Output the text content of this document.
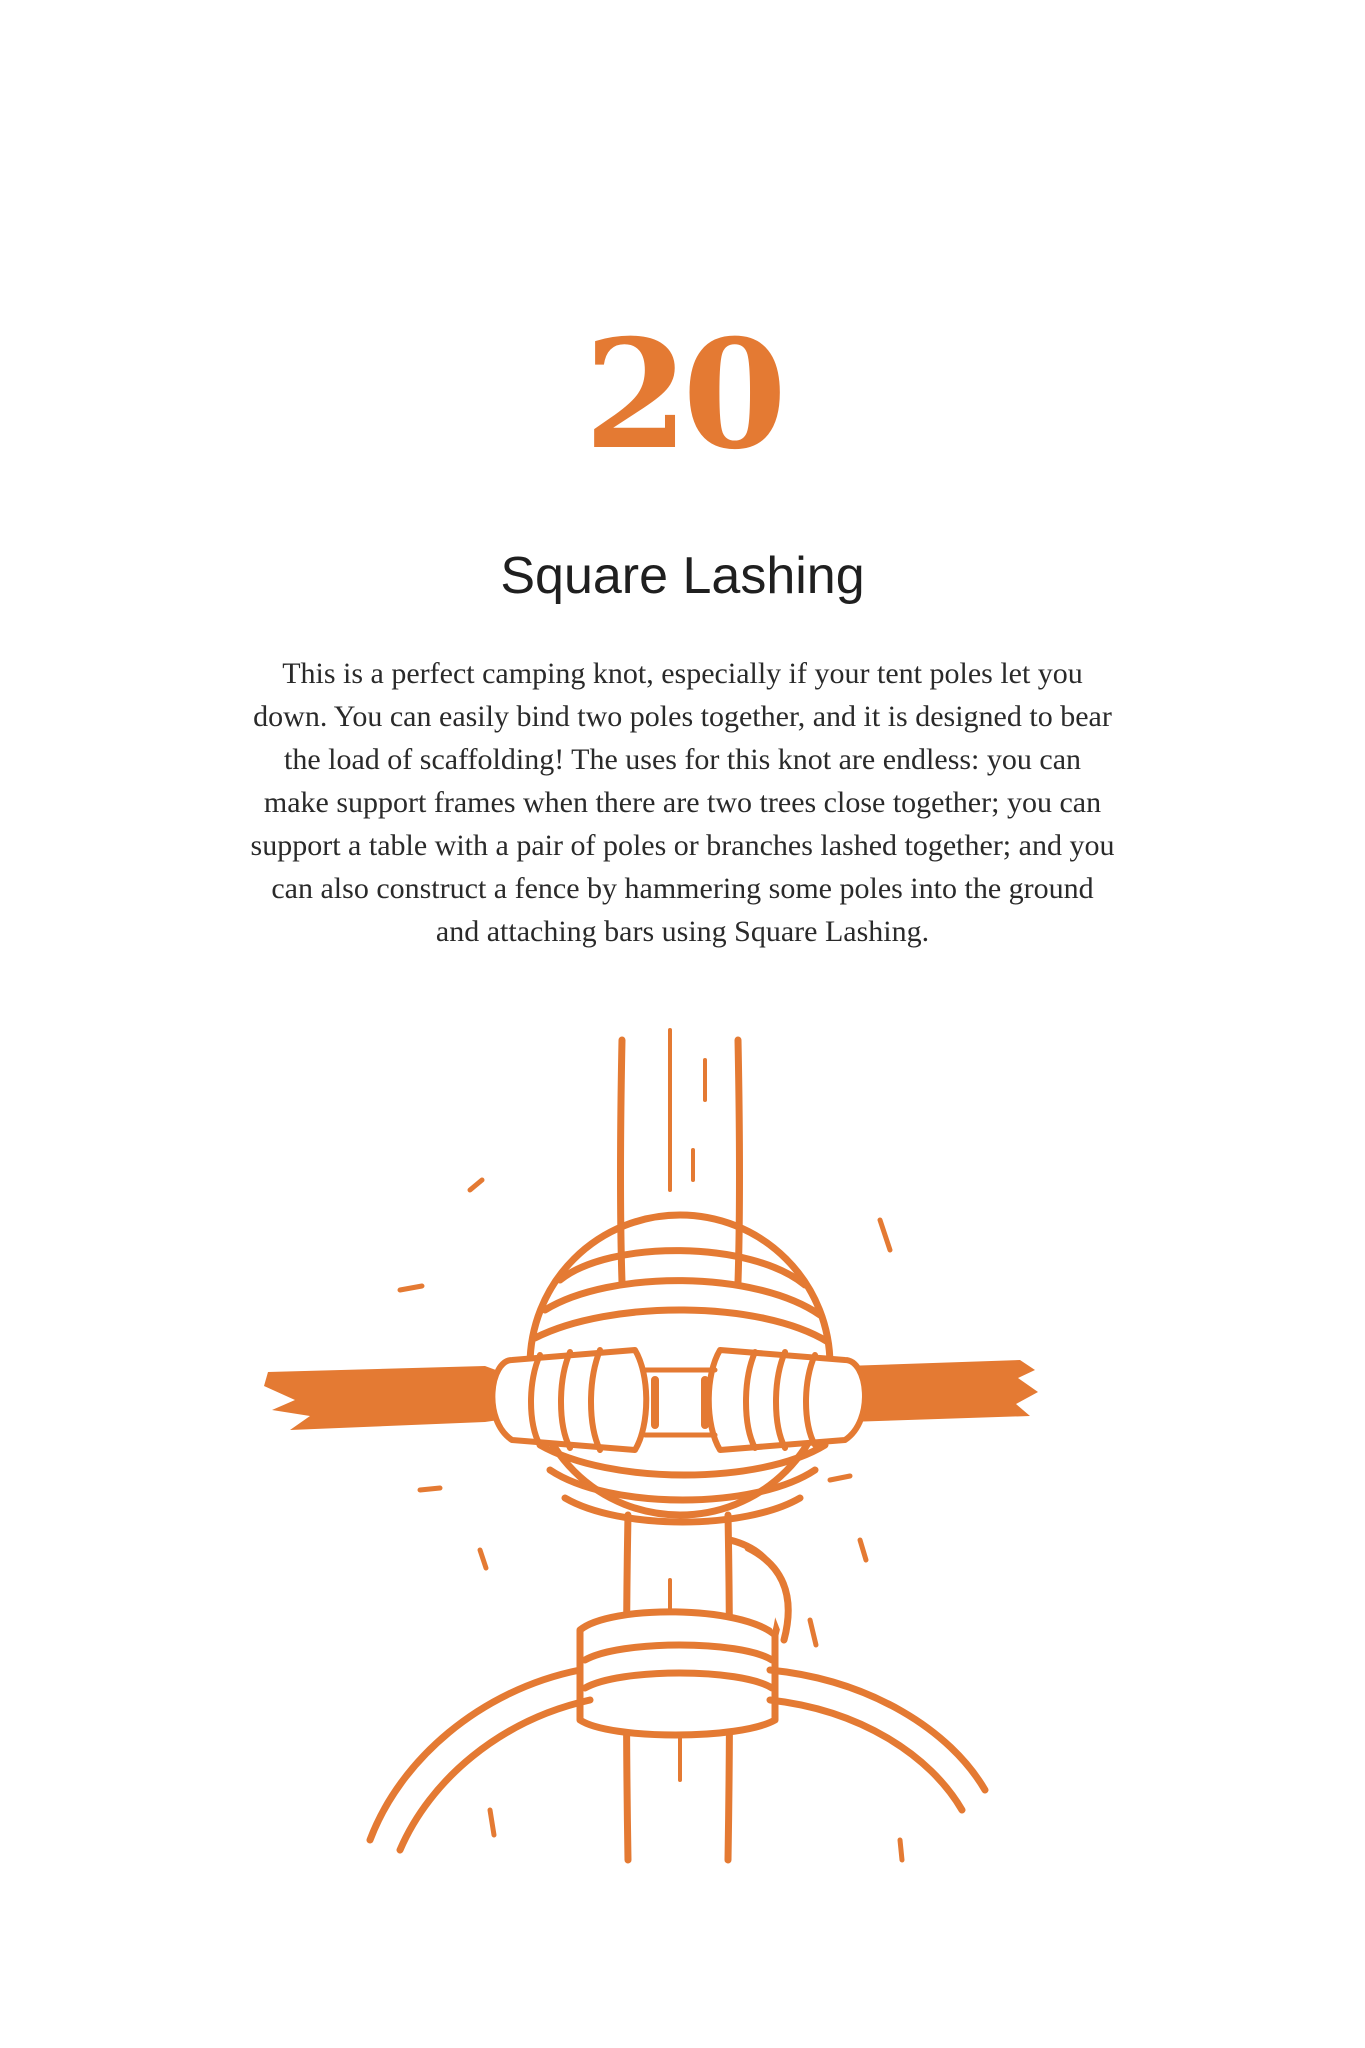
20
Square Lashing

This is a perfect camping knot, especially if your tent poles let you down. You can easily bind two poles together, and it is designed to bear the load of scaffolding! The uses for this knot are endless: you can make support frames when there are two trees close together; you can support a table with a pair of poles or branches lashed together; and you can also construct a fence by hammering some poles into the ground and attaching bars using Square Lashing.
